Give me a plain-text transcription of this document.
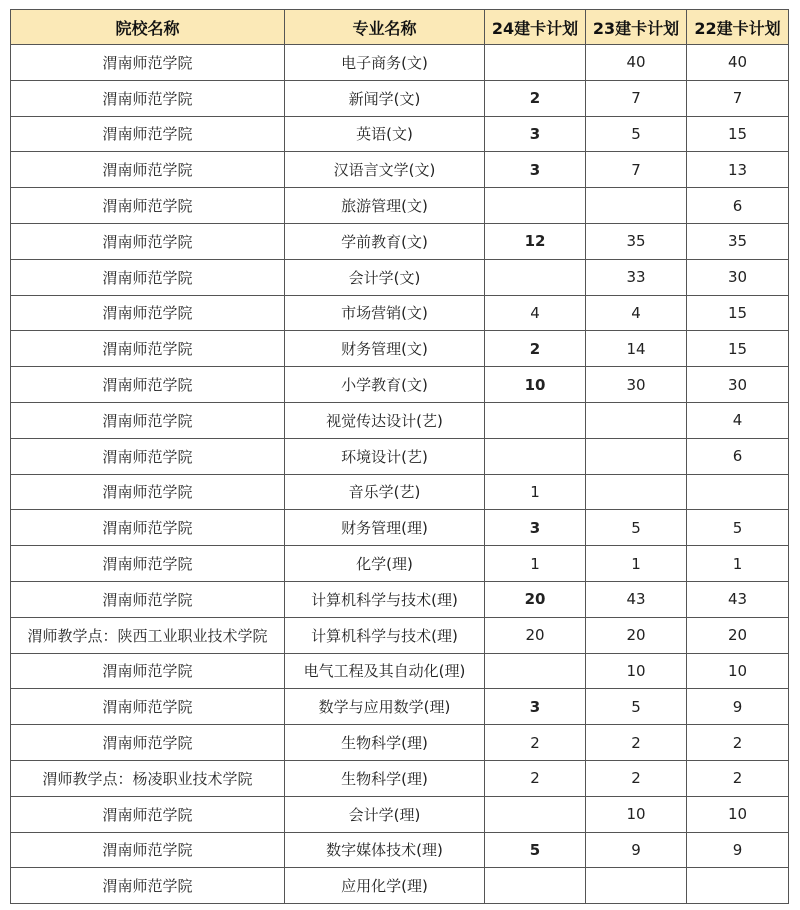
院校名称	专业名称	24建卡计划	23建卡计划	22建卡计划
渭南师范学院	电子商务(文)		40	40
渭南师范学院	新闻学(文)	2	7	7
渭南师范学院	英语(文)	3	5	15
渭南师范学院	汉语言文学(文)	3	7	13
渭南师范学院	旅游管理(文)			6
渭南师范学院	学前教育(文)	12	35	35
渭南师范学院	会计学(文)		33	30
渭南师范学院	市场营销(文)	4	4	15
渭南师范学院	财务管理(文)	2	14	15
渭南师范学院	小学教育(文)	10	30	30
渭南师范学院	视觉传达设计(艺)			4
渭南师范学院	环境设计(艺)			6
渭南师范学院	音乐学(艺)	1		
渭南师范学院	财务管理(理)	3	5	5
渭南师范学院	化学(理)	1	1	1
渭南师范学院	计算机科学与技术(理)	20	43	43
渭师教学点：陕西工业职业技术学院	计算机科学与技术(理)	20	20	20
渭南师范学院	电气工程及其自动化(理)		10	10
渭南师范学院	数学与应用数学(理)	3	5	9
渭南师范学院	生物科学(理)	2	2	2
渭师教学点：杨凌职业技术学院	生物科学(理)	2	2	2
渭南师范学院	会计学(理)		10	10
渭南师范学院	数字媒体技术(理)	5	9	9
渭南师范学院	应用化学(理)			
